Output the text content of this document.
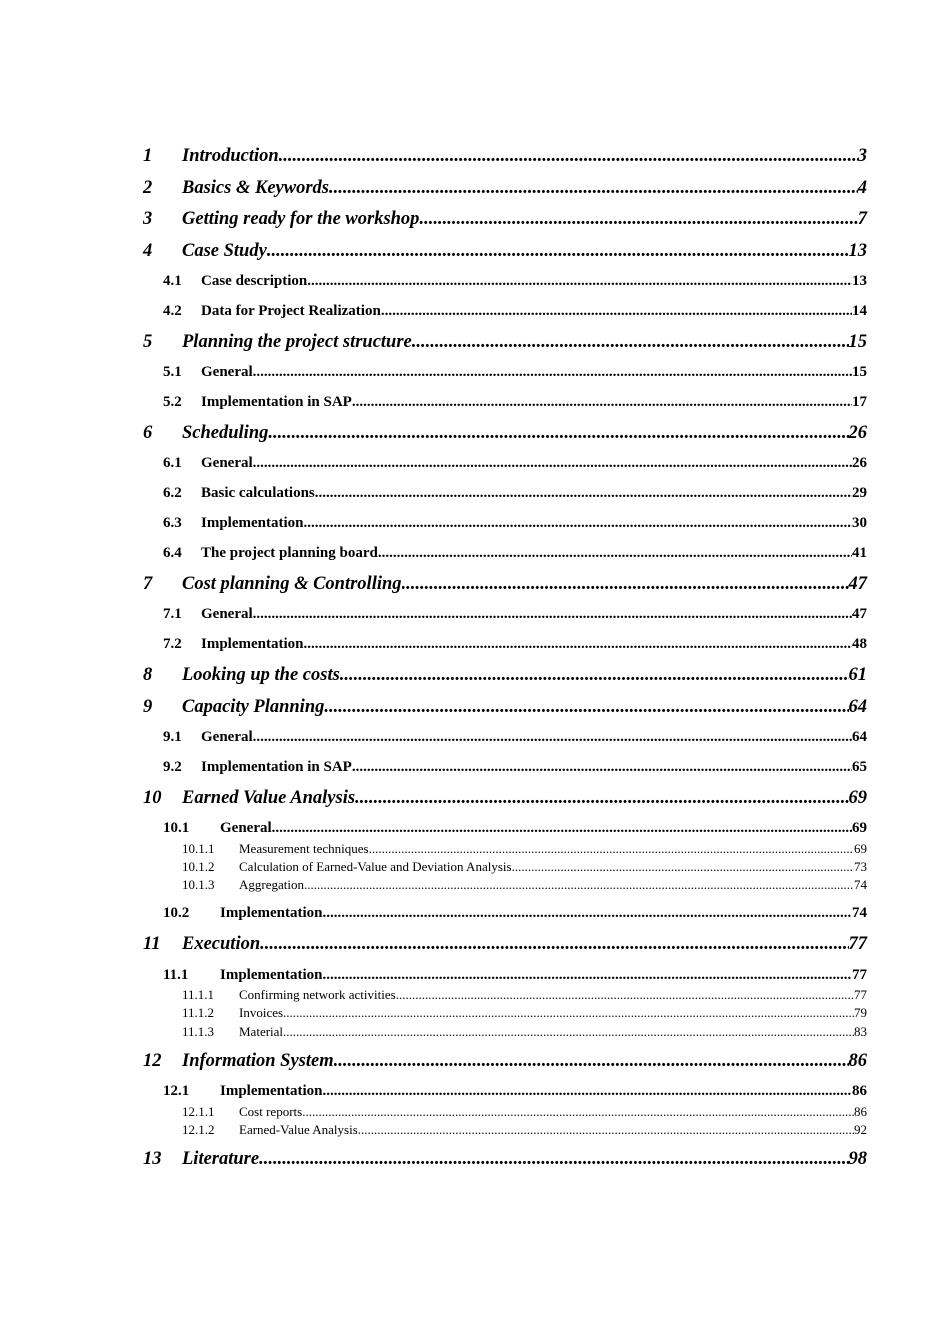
1	Introduction .....	3
2	Basics & Keywords .....	4
3	Getting ready for the workshop .....	7
4	Case Study .....	13
4.1	Case description .....	13
4.2	Data for Project Realization .....	14
5	Planning the project structure .....	15
5.1	General .....	15
5.2	Implementation in SAP .....	17
6	Scheduling .....	26
6.1	General .....	26
6.2	Basic calculations .....	29
6.3	Implementation .....	30
6.4	The project planning board .....	41
7	Cost planning & Controlling .....	47
7.1	General .....	47
7.2	Implementation .....	48
8	Looking up the costs .....	61
9	Capacity Planning .....	64
9.1	General .....	64
9.2	Implementation in SAP .....	65
10	Earned Value Analysis .....	69
10.1	General .....	69
10.1.1	Measurement techniques .....	69
10.1.2	Calculation of Earned-Value and Deviation Analysis .....	73
10.1.3	Aggregation .....	74
10.2	Implementation .....	74
11	Execution .....	77
11.1	Implementation .....	77
11.1.1	Confirming network activities .....	77
11.1.2	Invoices .....	79
11.1.3	Material .....	83
12	Information System .....	86
12.1	Implementation .....	86
12.1.1	Cost reports .....	86
12.1.2	Earned-Value Analysis .....	92
13	Literature .....	98
